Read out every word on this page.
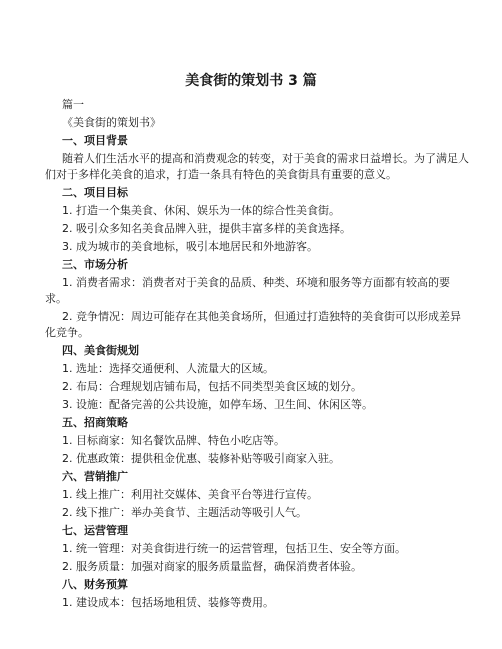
美食街的策划书 3 篇
篇一
《美食街的策划书》
一、项目背景
随着人们生活水平的提高和消费观念的转变，对于美食的需求日益增长。为了满足人
们对于多样化美食的追求，打造一条具有特色的美食街具有重要的意义。
二、项目目标
1. 打造一个集美食、休闲、娱乐为一体的综合性美食街。
2. 吸引众多知名美食品牌入驻，提供丰富多样的美食选择。
3. 成为城市的美食地标，吸引本地居民和外地游客。
三、市场分析
1. 消费者需求：消费者对于美食的品质、种类、环境和服务等方面都有较高的要
求。
2. 竞争情况：周边可能存在其他美食场所，但通过打造独特的美食街可以形成差异
化竞争。
四、美食街规划
1. 选址：选择交通便利、人流量大的区域。
2. 布局：合理规划店铺布局，包括不同类型美食区域的划分。
3. 设施：配备完善的公共设施，如停车场、卫生间、休闲区等。
五、招商策略
1. 目标商家：知名餐饮品牌、特色小吃店等。
2. 优惠政策：提供租金优惠、装修补贴等吸引商家入驻。
六、营销推广
1. 线上推广：利用社交媒体、美食平台等进行宣传。
2. 线下推广：举办美食节、主题活动等吸引人气。
七、运营管理
1. 统一管理：对美食街进行统一的运营管理，包括卫生、安全等方面。
2. 服务质量：加强对商家的服务质量监督，确保消费者体验。
八、财务预算
1. 建设成本：包括场地租赁、装修等费用。
